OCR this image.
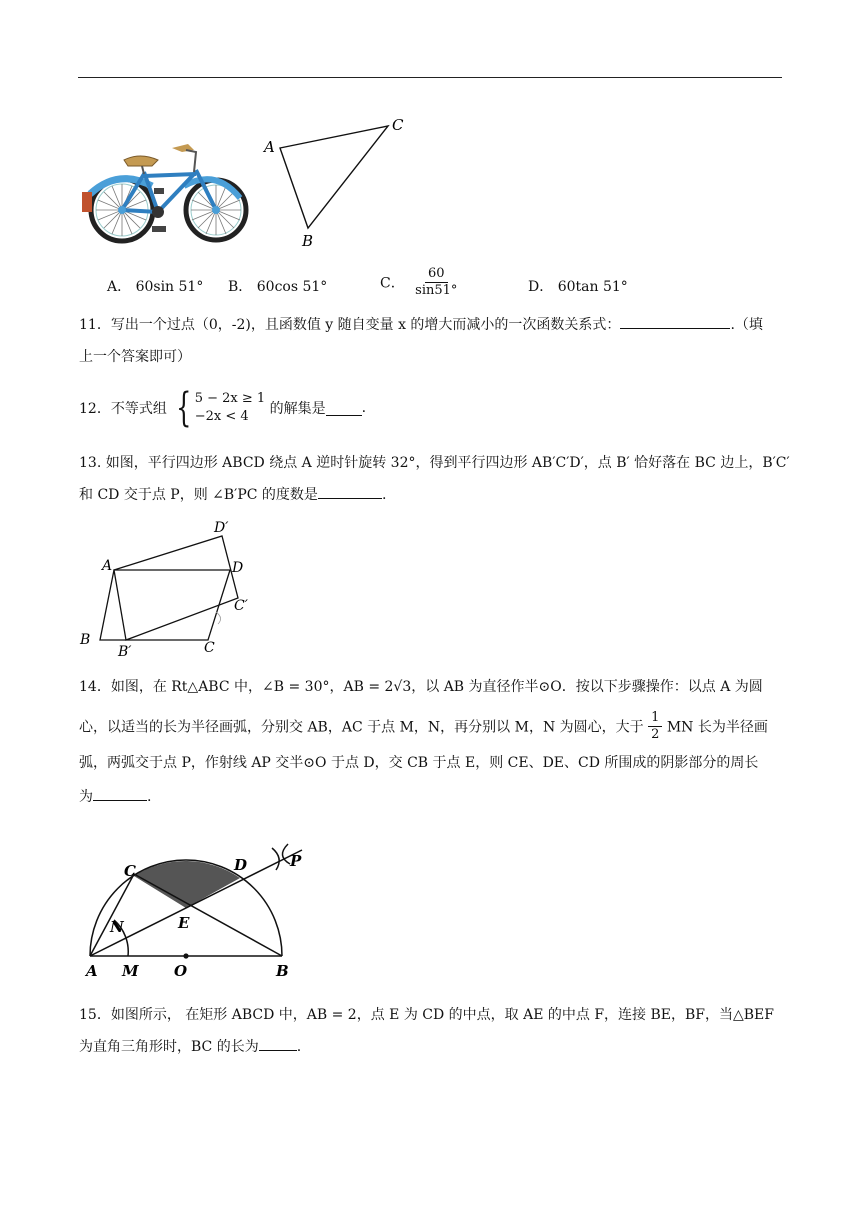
A
C
B
A． 60sin 51° B． 60cos 51°	C． $\frac{60}{\sin 51^\circ}$	D． 60tan 51°
11．写出一个过点（0，-2)，且函数值 y 随自变量 x 的增大而减小的一次函数关系式：	.（填
上一个答案即可）
12．不等式组 { 5 − 2x ≥ 1
−2x < 4	的解集是	.
13. 如图，平行四边形 ABCD 绕点 A 逆时针旋转 32°，得到平行四边形 AB′C′D′，点 B′ 恰好落在 BC 边上，B′C′
和 CD 交于点 P，则 ∠B′PC 的度数是	.
A
B
B′	C
D
D′
C′
14．如图，在 Rt△ABC 中，∠B = 30°，AB = 2√3，以 AB 为直径作半⊙O．按以下步骤操作：以点 A 为圆
心，以适当的长为半径画弧，分别交 AB，AC 于点 M，N，再分别以 M，N 为圆心，大于 $\frac{1}{2}$ MN 长为半径画
弧，两弧交于点 P，作射线 AP 交半⊙O 于点 D，交 CB 于点 E，则 CE、DE、CD 所围成的阴影部分的周长
为	.
A M O	B
C	D
E
N
P
15．如图所示， 在矩形 ABCD 中，AB = 2，点 E 为 CD 的中点，取 AE 的中点 F，连接 BE，BF，当△BEF
为直角三角形时，BC 的长为	.
